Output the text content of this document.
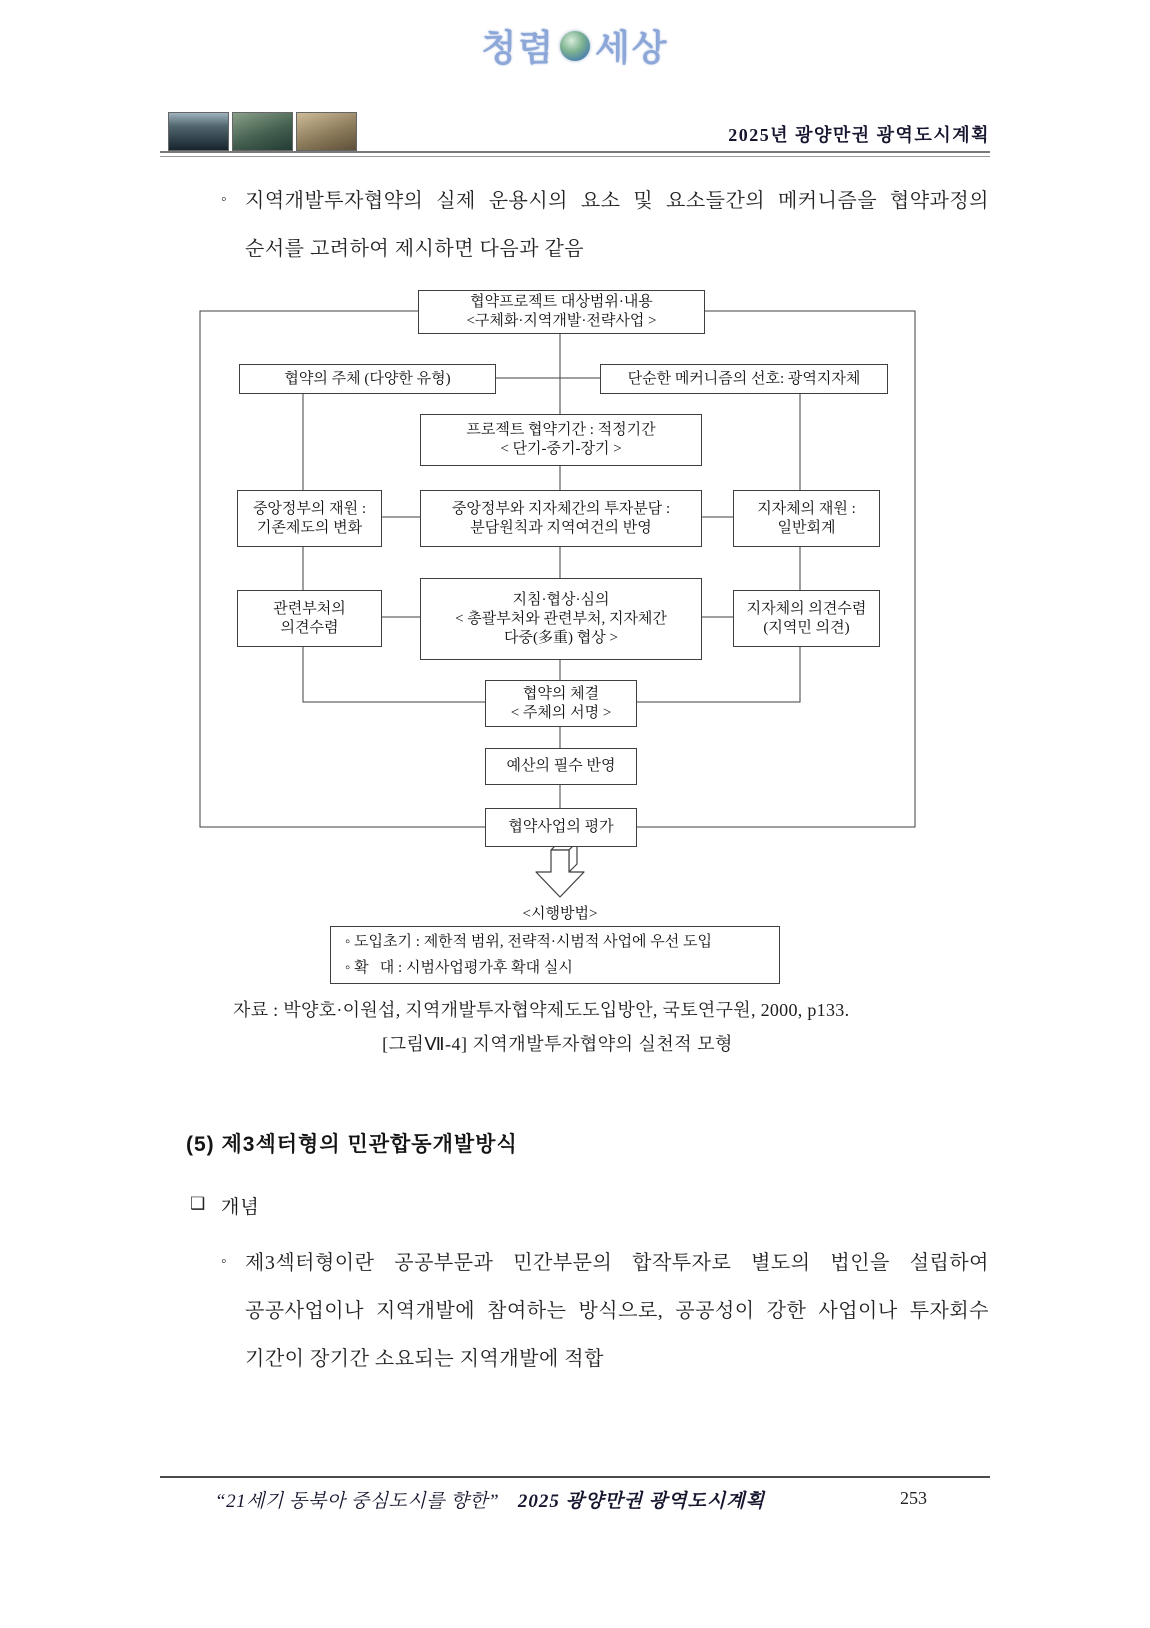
청렴 세상
2025년 광양만권 광역도시계획
◦ 지역개발투자협약의 실제 운용시의 요소 및 요소들간의 메커니즘을 협약과정의
순서를 고려하여 제시하면 다음과 같음
협약프로젝트 대상범위·내용
<구체화·지역개발·전략사업 >
협약의 주체 (다양한 유형)	단순한 메커니즘의 선호: 광역지자체
프로젝트 협약기간 : 적정기간
< 단기-중기-장기 >
중앙정부의 재원 :
기존제도의 변화
중앙정부와 지자체간의 투자분담 :
분담원칙과 지역여건의 반영
지자체의 재원 :
일반회계
관련부처의
의견수렴
지침·협상·심의
< 총괄부처와 관련부처, 지자체간
다중(多重) 협상 >
지자체의 의견수렴
(지역민 의견)
협약의 체결
< 주체의 서명 >
예산의 필수 반영
협약사업의 평가
<시행방법>
◦ 도입초기 : 제한적 범위, 전략적·시범적 사업에 우선 도입
◦ 확   대 : 시범사업평가후 확대 실시
자료 : 박양호·이원섭, 지역개발투자협약제도도입방안, 국토연구원, 2000, p133.
[그림Ⅶ-4] 지역개발투자협약의 실천적 모형
(5) 제3섹터형의 민관합동개발방식
❑ 개념
◦ 제3섹터형이란 공공부문과 민간부문의 합작투자로 별도의 법인을 설립하여
공공사업이나 지역개발에 참여하는 방식으로, 공공성이 강한 사업이나 투자회수
기간이 장기간 소요되는 지역개발에 적합
“21세기 동북아 중심도시를 향한” 2025 광양만권 광역도시계획	253
